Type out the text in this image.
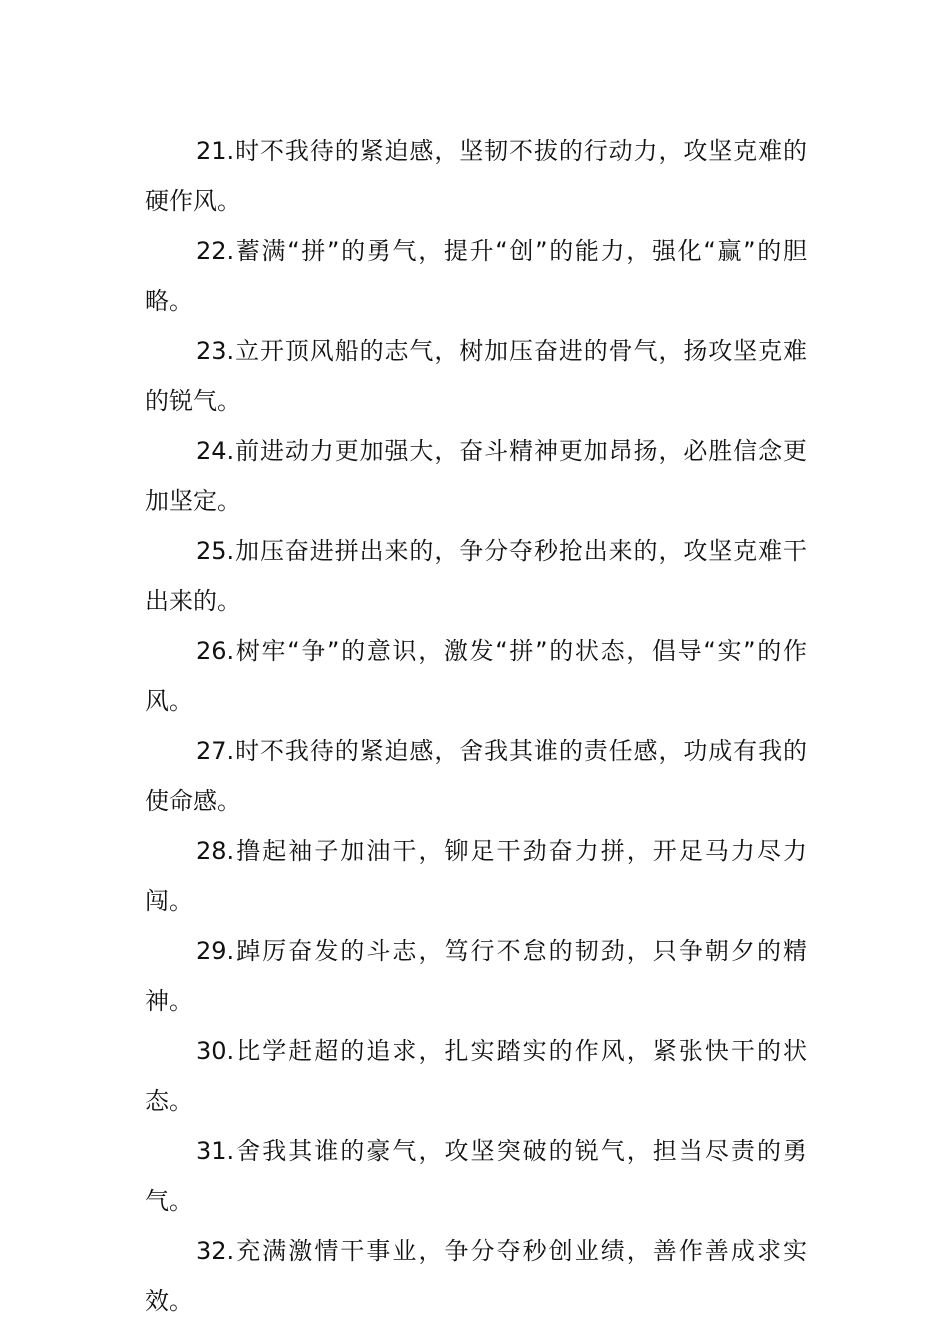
21.时不我待的紧迫感，坚韧不拔的行动力，攻坚克难的硬作风。

22.蓄满“拼”的勇气，提升“创”的能力，强化“赢”的胆略。

23.立开顶风船的志气，树加压奋进的骨气，扬攻坚克难的锐气。

24.前进动力更加强大，奋斗精神更加昂扬，必胜信念更加坚定。

25.加压奋进拼出来的，争分夺秒抢出来的，攻坚克难干出来的。

26.树牢“争”的意识，激发“拼”的状态，倡导“实”的作风。

27.时不我待的紧迫感，舍我其谁的责任感，功成有我的使命感。

28.撸起袖子加油干，铆足干劲奋力拼，开足马力尽力闯。

29.踔厉奋发的斗志，笃行不怠的韧劲，只争朝夕的精神。

30.比学赶超的追求，扎实踏实的作风，紧张快干的状态。

31.舍我其谁的豪气，攻坚突破的锐气，担当尽责的勇气。

32.充满激情干事业，争分夺秒创业绩，善作善成求实效。
